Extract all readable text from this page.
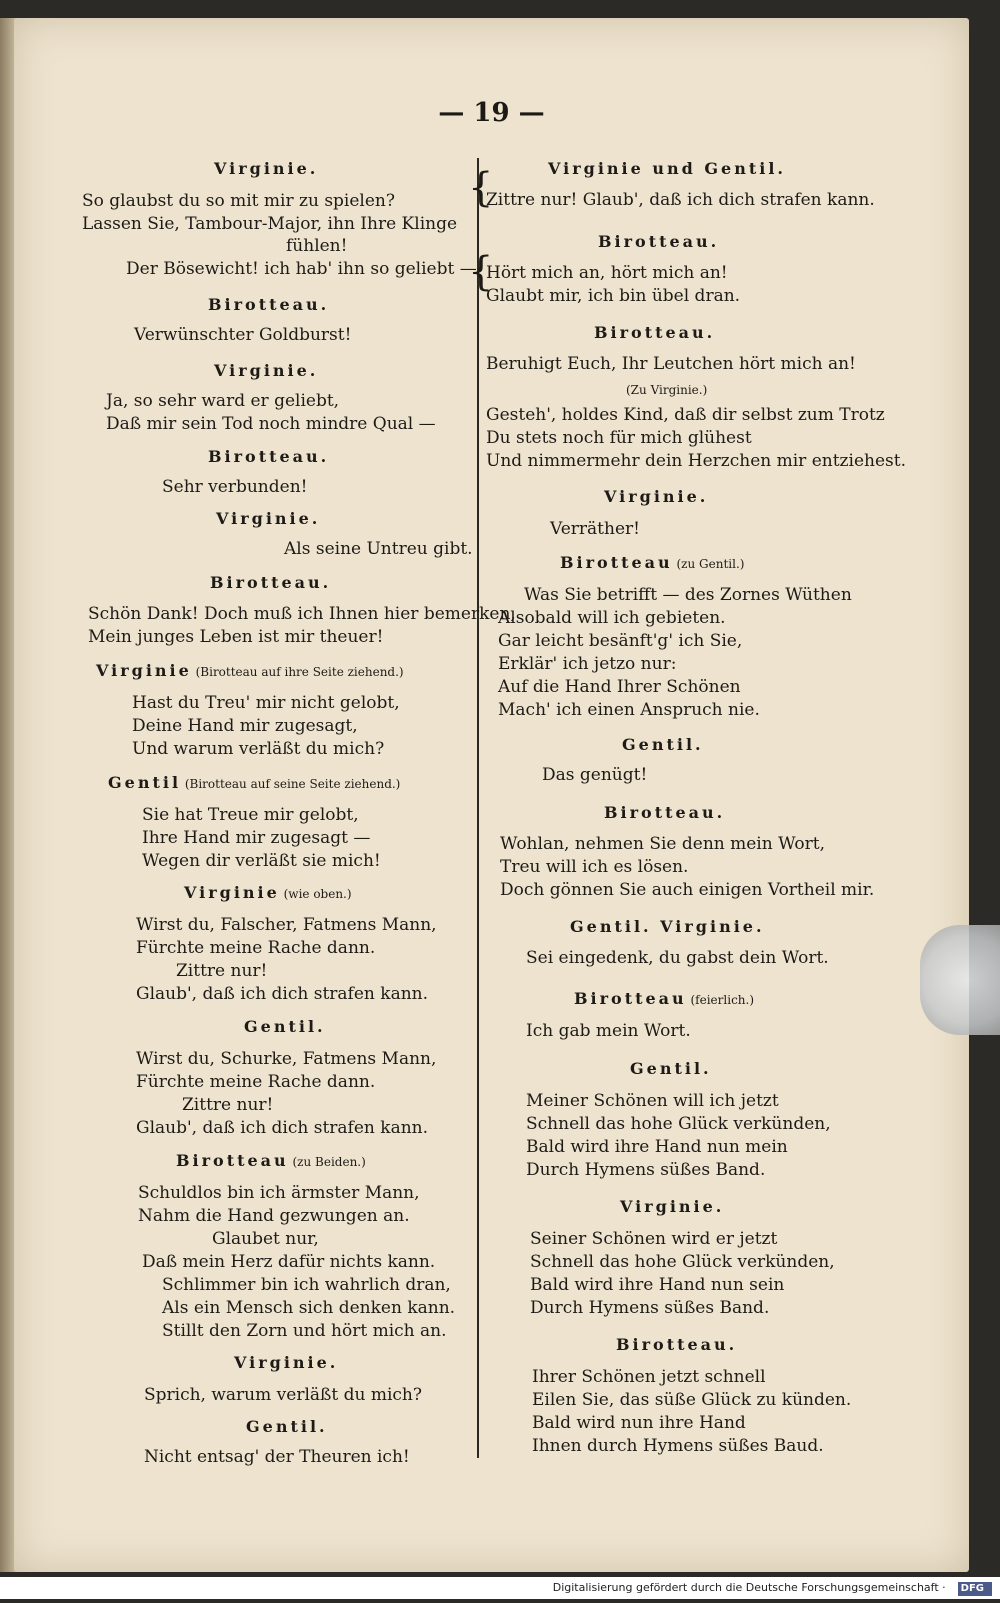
— 19 —
Virginie.
So glaubst du so mit mir zu spielen?
Lassen Sie, Tambour-Major, ihn Ihre Klinge
fühlen!
Der Bösewicht! ich hab' ihn so geliebt —
Birotteau.
Verwünschter Goldburst!
Virginie.
Ja, so sehr ward er geliebt,
Daß mir sein Tod noch mindre Qual —
Birotteau.
Sehr verbunden!
Virginie.
Als seine Untreu gibt.
Birotteau.
Schön Dank! Doch muß ich Ihnen hier bemerken,
Mein junges Leben ist mir theuer!
Virginie (Birotteau auf ihre Seite ziehend.)
Hast du Treu' mir nicht gelobt,
Deine Hand mir zugesagt,
Und warum verläßt du mich?
Gentil (Birotteau auf seine Seite ziehend.)
Sie hat Treue mir gelobt,
Ihre Hand mir zugesagt —
Wegen dir verläßt sie mich!
Virginie (wie oben.)
Wirst du, Falscher, Fatmens Mann,
Fürchte meine Rache dann.
Zittre nur!
Glaub', daß ich dich strafen kann.
Gentil.
Wirst du, Schurke, Fatmens Mann,
Fürchte meine Rache dann.
Zittre nur!
Glaub', daß ich dich strafen kann.
Birotteau (zu Beiden.)
Schuldlos bin ich ärmster Mann,
Nahm die Hand gezwungen an.
Glaubet nur,
Daß mein Herz dafür nichts kann.
Schlimmer bin ich wahrlich dran,
Als ein Mensch sich denken kann.
Stillt den Zorn und hört mich an.
Virginie.
Sprich, warum verläßt du mich?
Gentil.
Nicht entsag' der Theuren ich!
{
{
Virginie und Gentil.
Zittre nur! Glaub', daß ich dich strafen kann.
Birotteau.
Hört mich an, hört mich an!
Glaubt mir, ich bin übel dran.
Birotteau.
Beruhigt Euch, Ihr Leutchen hört mich an!
(Zu Virginie.)
Gesteh', holdes Kind, daß dir selbst zum Trotz
Du stets noch für mich glühest
Und nimmermehr dein Herzchen mir entziehest.
Virginie.
Verräther!
Birotteau (zu Gentil.)
Was Sie betrifft — des Zornes Wüthen
Alsobald will ich gebieten.
Gar leicht besänft'g' ich Sie,
Erklär' ich jetzo nur:
Auf die Hand Ihrer Schönen
Mach' ich einen Anspruch nie.
Gentil.
Das genügt!
Birotteau.
Wohlan, nehmen Sie denn mein Wort,
Treu will ich es lösen.
Doch gönnen Sie auch einigen Vortheil mir.
Gentil. Virginie.
Sei eingedenk, du gabst dein Wort.
Birotteau (feierlich.)
Ich gab mein Wort.
Gentil.
Meiner Schönen will ich jetzt
Schnell das hohe Glück verkünden,
Bald wird ihre Hand nun mein
Durch Hymens süßes Band.
Virginie.
Seiner Schönen wird er jetzt
Schnell das hohe Glück verkünden,
Bald wird ihre Hand nun sein
Durch Hymens süßes Band.
Birotteau.
Ihrer Schönen jetzt schnell
Eilen Sie, das süße Glück zu künden.
Bald wird nun ihre Hand
Ihnen durch Hymens süßes Baud.
Digitalisierung gefördert durch die Deutsche Forschungsgemeinschaft · DFG
